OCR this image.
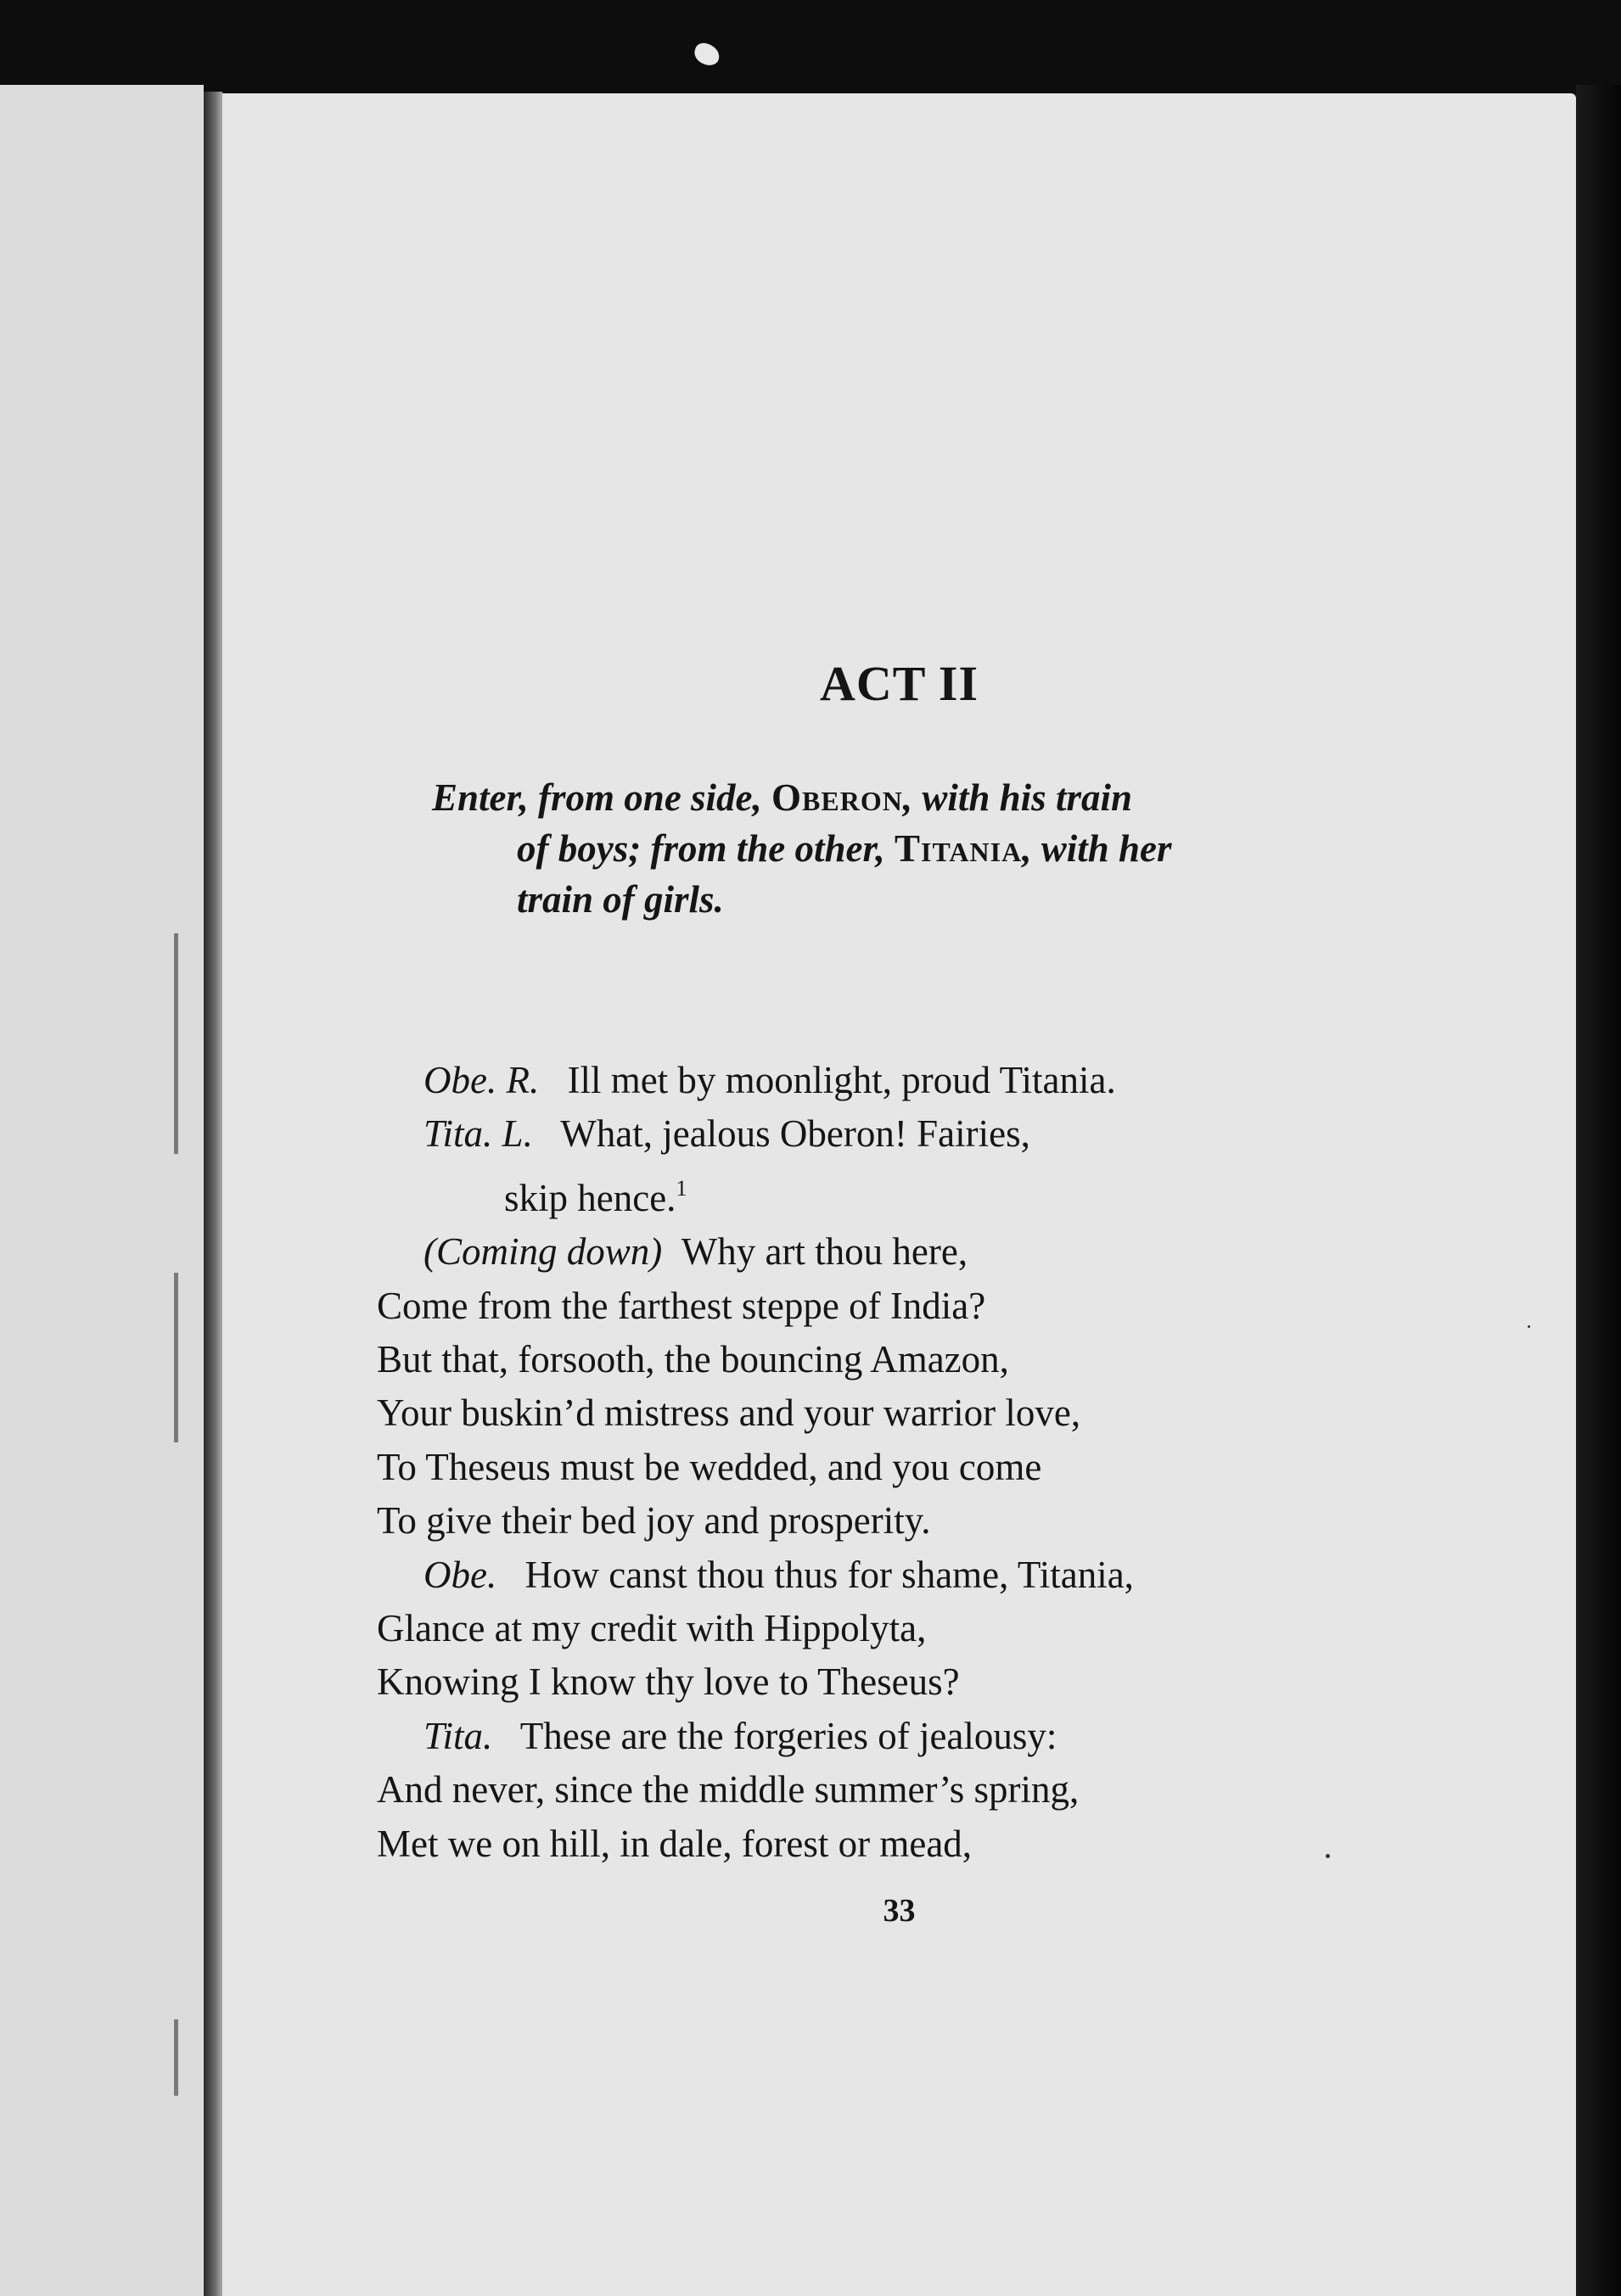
ACT II
Enter, from one side, Oberon, with his train
of boys; from the other, Titania, with her
train of girls.
Obe. R. Ill met by moonlight, proud Titania.
Tita. L. What, jealous Oberon! Fairies,
skip hence.$^1$
(Coming down) Why art thou here,
Come from the farthest steppe of India?
But that, forsooth, the bouncing Amazon,
Your buskin’d mistress and your warrior love,
To Theseus must be wedded, and you come
To give their bed joy and prosperity.
Obe. How canst thou thus for shame, Titania,
Glance at my credit with Hippolyta,
Knowing I know thy love to Theseus?
Tita. These are the forgeries of jealousy:
And never, since the middle summer’s spring,
Met we on hill, in dale, forest or mead,
33
